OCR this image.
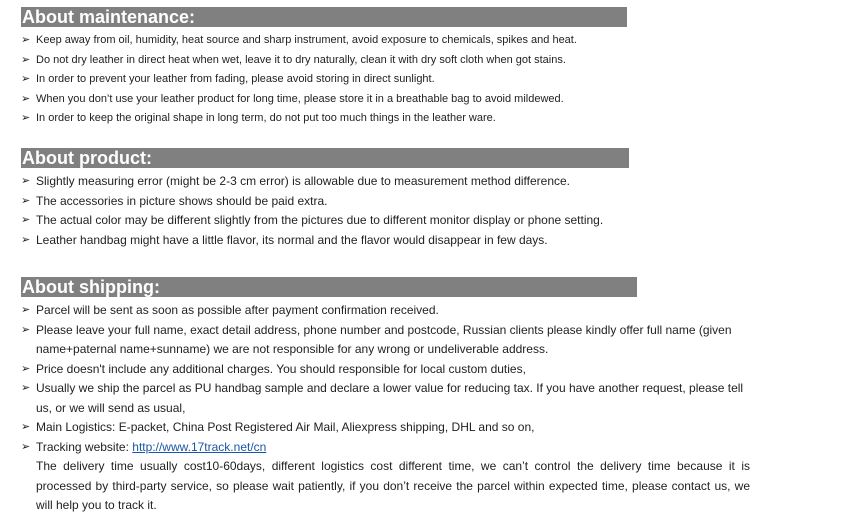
About maintenance:
➢ Keep away from oil, humidity, heat source and sharp instrument, avoid exposure to chemicals, spikes and heat.
➢ Do not dry leather in direct heat when wet, leave it to dry naturally, clean it with dry soft cloth when got stains.
➢ In order to prevent your leather from fading, please avoid storing in direct sunlight.
➢ When you don’t use your leather product for long time, please store it in a breathable bag to avoid mildewed.
➢ In order to keep the original shape in long term, do not put too much things in the leather ware.
About product:
➢ Slightly measuring error (might be 2-3 cm error) is allowable due to measurement method difference.
➢ The accessories in picture shows should be paid extra.
➢ The actual color may be different slightly from the pictures due to different monitor display or phone setting.
➢ Leather handbag might have a little flavor, its normal and the flavor would disappear in few days.
About shipping:
➢ Parcel will be sent as soon as possible after payment confirmation received.
➢ Please leave your full name, exact detail address, phone number and postcode, Russian clients please kindly offer full name (given name+paternal name+sunname) we are not responsible for any wrong or undeliverable address.
➢ Price doesn't include any additional charges. You should responsible for local custom duties,
➢ Usually we ship the parcel as PU handbag sample and declare a lower value for reducing tax. If you have another request, please tell us, or we will send as usual,
➢ Main Logistics: E-packet, China Post Registered Air Mail, Aliexpress shipping, DHL and so on,
➢ Tracking website: http://www.17track.net/cn
The delivery time usually cost10-60days, different logistics cost different time, we can’t control the delivery time because it is processed by third-party service, so please wait patiently, if you don’t receive the parcel within expected time, please contact us, we will help you to track it.
